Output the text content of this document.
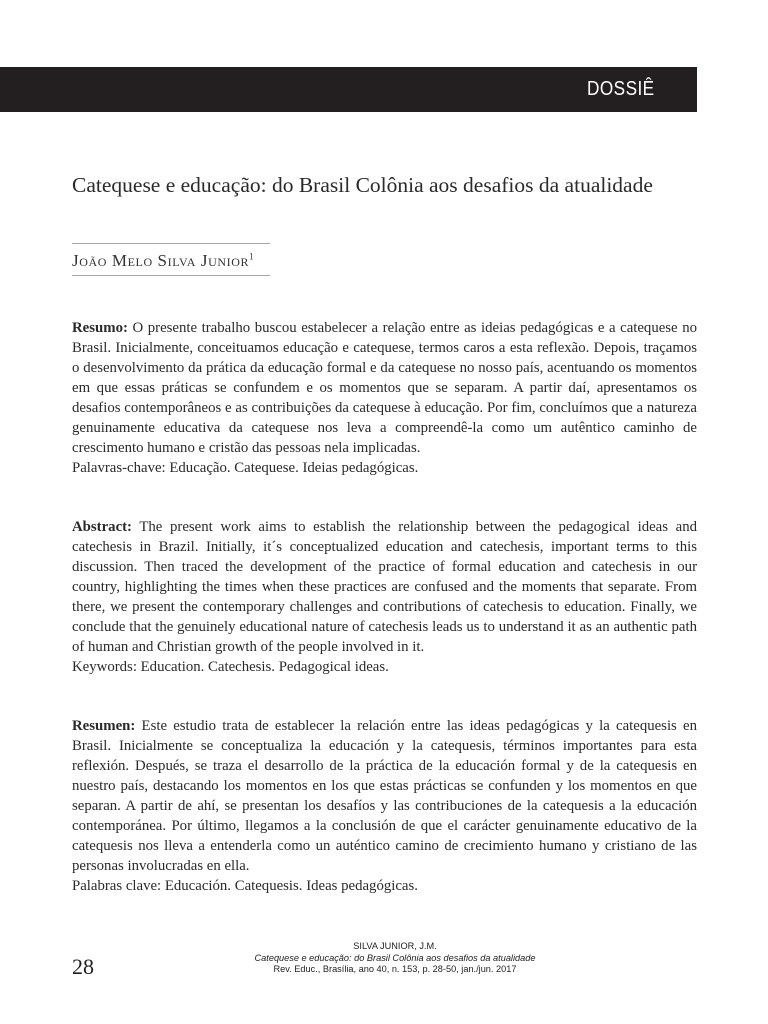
DOSSIÊ
Catequese e educação: do Brasil Colônia aos desafios da atualidade
João Melo Silva Junior$^1$

Resumo: O presente trabalho buscou estabelecer a relação entre as ideias pedagógicas e a catequese no Brasil. Inicialmente, conceituamos educação e catequese, termos caros a esta reflexão. Depois, traçamos o desenvolvimento da prática da educação formal e da catequese no nosso país, acentuando os momentos em que essas práticas se confundem e os momentos que se separam. A partir daí, apresentamos os desafios contemporâneos e as contribuições da catequese à educação. Por fim, concluímos que a natureza genuinamente educativa da catequese nos leva a compreendê-la como um autêntico caminho de crescimento humano e cristão das pessoas nela implicadas.

Palavras-chave: Educação. Catequese. Ideias pedagógicas.

Abstract: The present work aims to establish the relationship between the pedagogical ideas and catechesis in Brazil. Initially, it´s conceptualized education and catechesis, important terms to this discussion. Then traced the development of the practice of formal education and catechesis in our country, highlighting the times when these practices are confused and the moments that separate. From there, we present the contemporary challenges and contributions of catechesis to education. Finally, we conclude that the genuinely educational nature of catechesis leads us to understand it as an authentic path of human and Christian growth of the people involved in it.

Keywords: Education. Catechesis. Pedagogical ideas.

Resumen: Este estudio trata de establecer la relación entre las ideas pedagógicas y la catequesis en Brasil. Inicialmente se conceptualiza la educación y la catequesis, términos importantes para esta reflexión. Después, se traza el desarrollo de la práctica de la educación formal y de la catequesis en nuestro país, destacando los momentos en los que estas prácticas se confunden y los momentos en que separan. A partir de ahí, se presentan los desafíos y las contribuciones de la catequesis a la educación contemporánea. Por último, llegamos a la conclusión de que el carácter genuinamente educativo de la catequesis nos lleva a entenderla como un auténtico camino de crecimiento humano y cristiano de las personas involucradas en ella.

Palabras clave: Educación. Catequesis. Ideas pedagógicas.

28
SILVA JUNIOR, J.M.
Catequese e educação: do Brasil Colônia aos desafios da atualidade
Rev. Educ., Brasília, ano 40, n. 153, p. 28-50, jan./jun. 2017
